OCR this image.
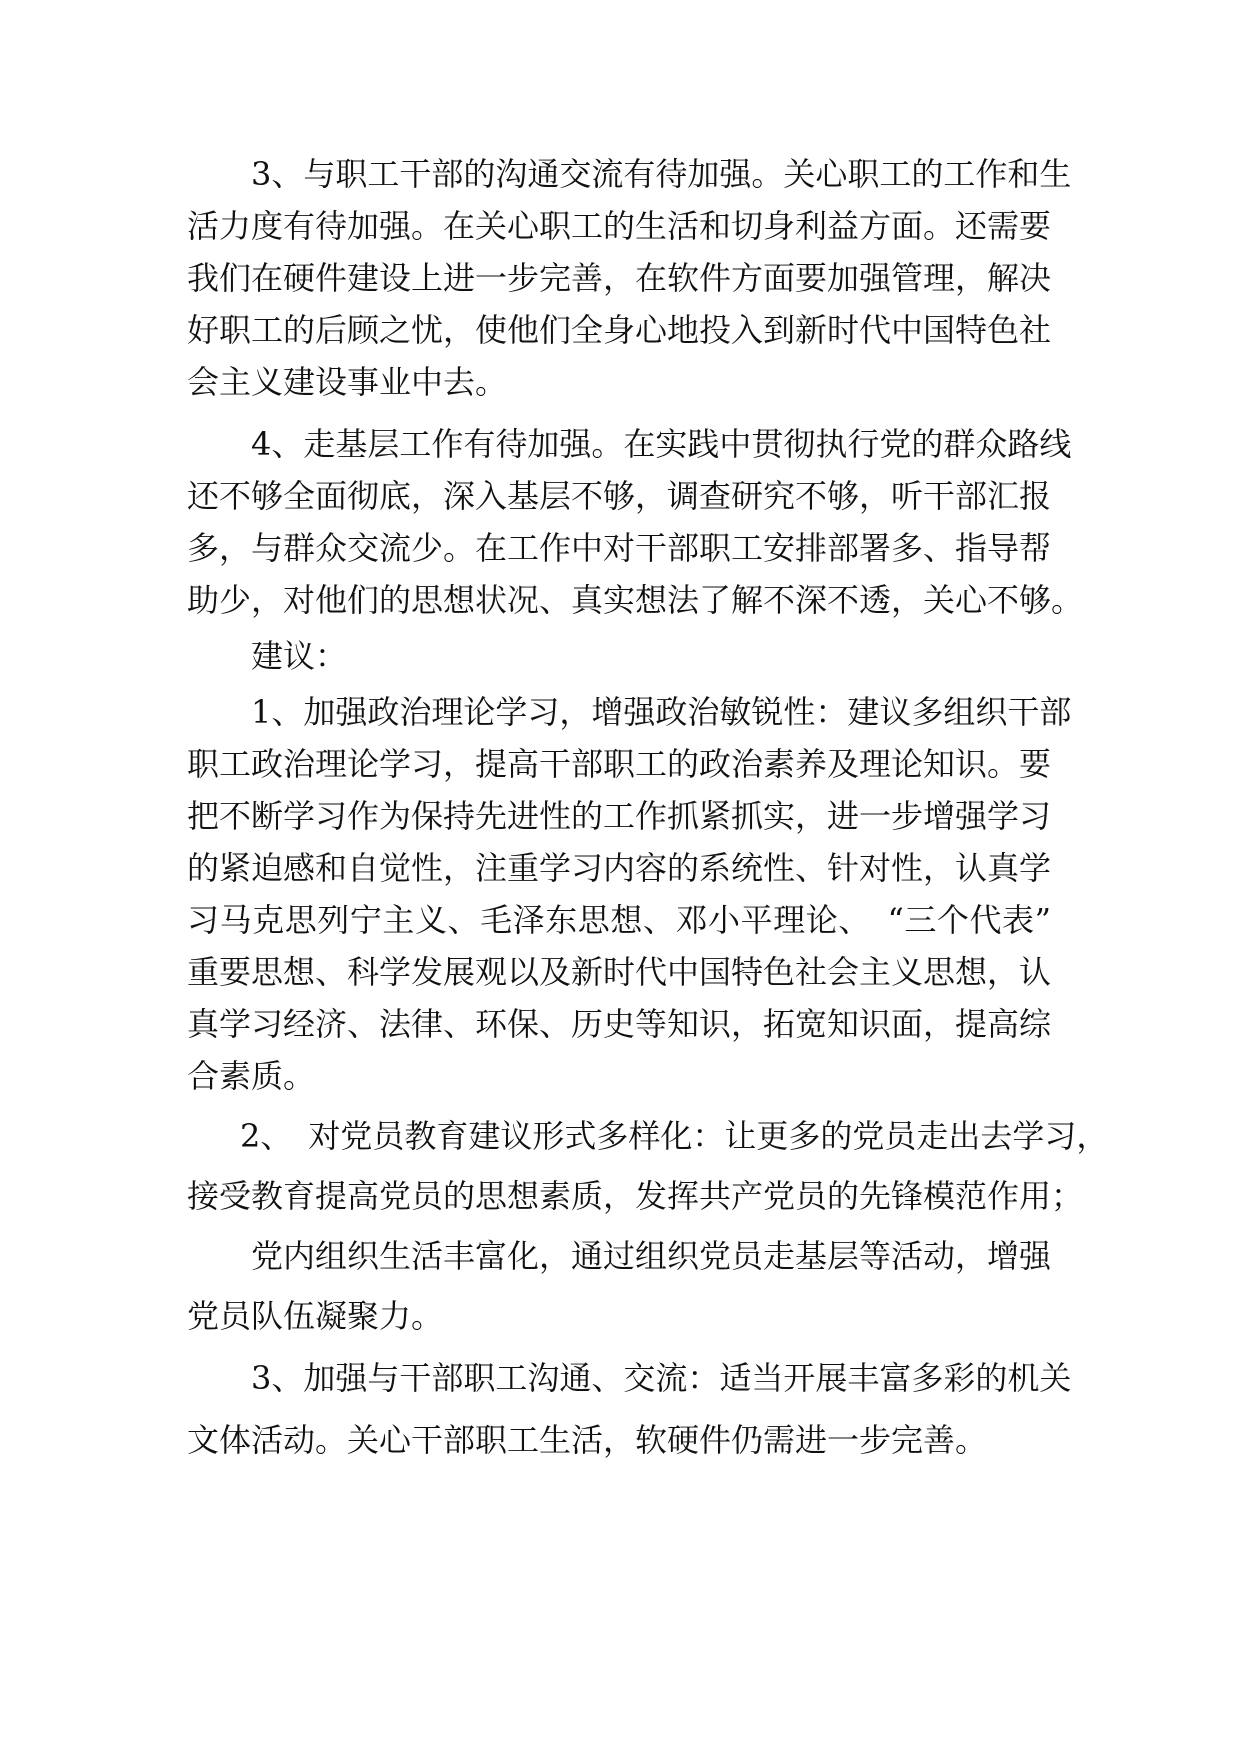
3、与职工干部的沟通交流有待加强。关心职工的工作和生

活力度有待加强。在关心职工的生活和切身利益方面。还需要

我们在硬件建设上进一步完善，在软件方面要加强管理，解决

好职工的后顾之忧，使他们全身心地投入到新时代中国特色社

会主义建设事业中去。

4、走基层工作有待加强。在实践中贯彻执行党的群众路线

还不够全面彻底，深入基层不够，调查研究不够，听干部汇报

多，与群众交流少。在工作中对干部职工安排部署多、指导帮

助少，对他们的思想状况、真实想法了解不深不透，关心不够。

建议：

1、加强政治理论学习，增强政治敏锐性：建议多组织干部

职工政治理论学习，提高干部职工的政治素养及理论知识。要

把不断学习作为保持先进性的工作抓紧抓实，进一步增强学习

的紧迫感和自觉性，注重学习内容的系统性、针对性，认真学

习马克思列宁主义、毛泽东思想、邓小平理论、　“三个代表”

重要思想、科学发展观以及新时代中国特色社会主义思想，认

真学习经济、法律、环保、历史等知识，拓宽知识面，提高综

合素质。

2、　对党员教育建议形式多样化：让更多的党员走出去学习，

接受教育提高党员的思想素质，发挥共产党员的先锋模范作用；

党内组织生活丰富化，通过组织党员走基层等活动，增强

党员队伍凝聚力。

3、加强与干部职工沟通、交流：适当开展丰富多彩的机关

文体活动。关心干部职工生活，软硬件仍需进一步完善。
